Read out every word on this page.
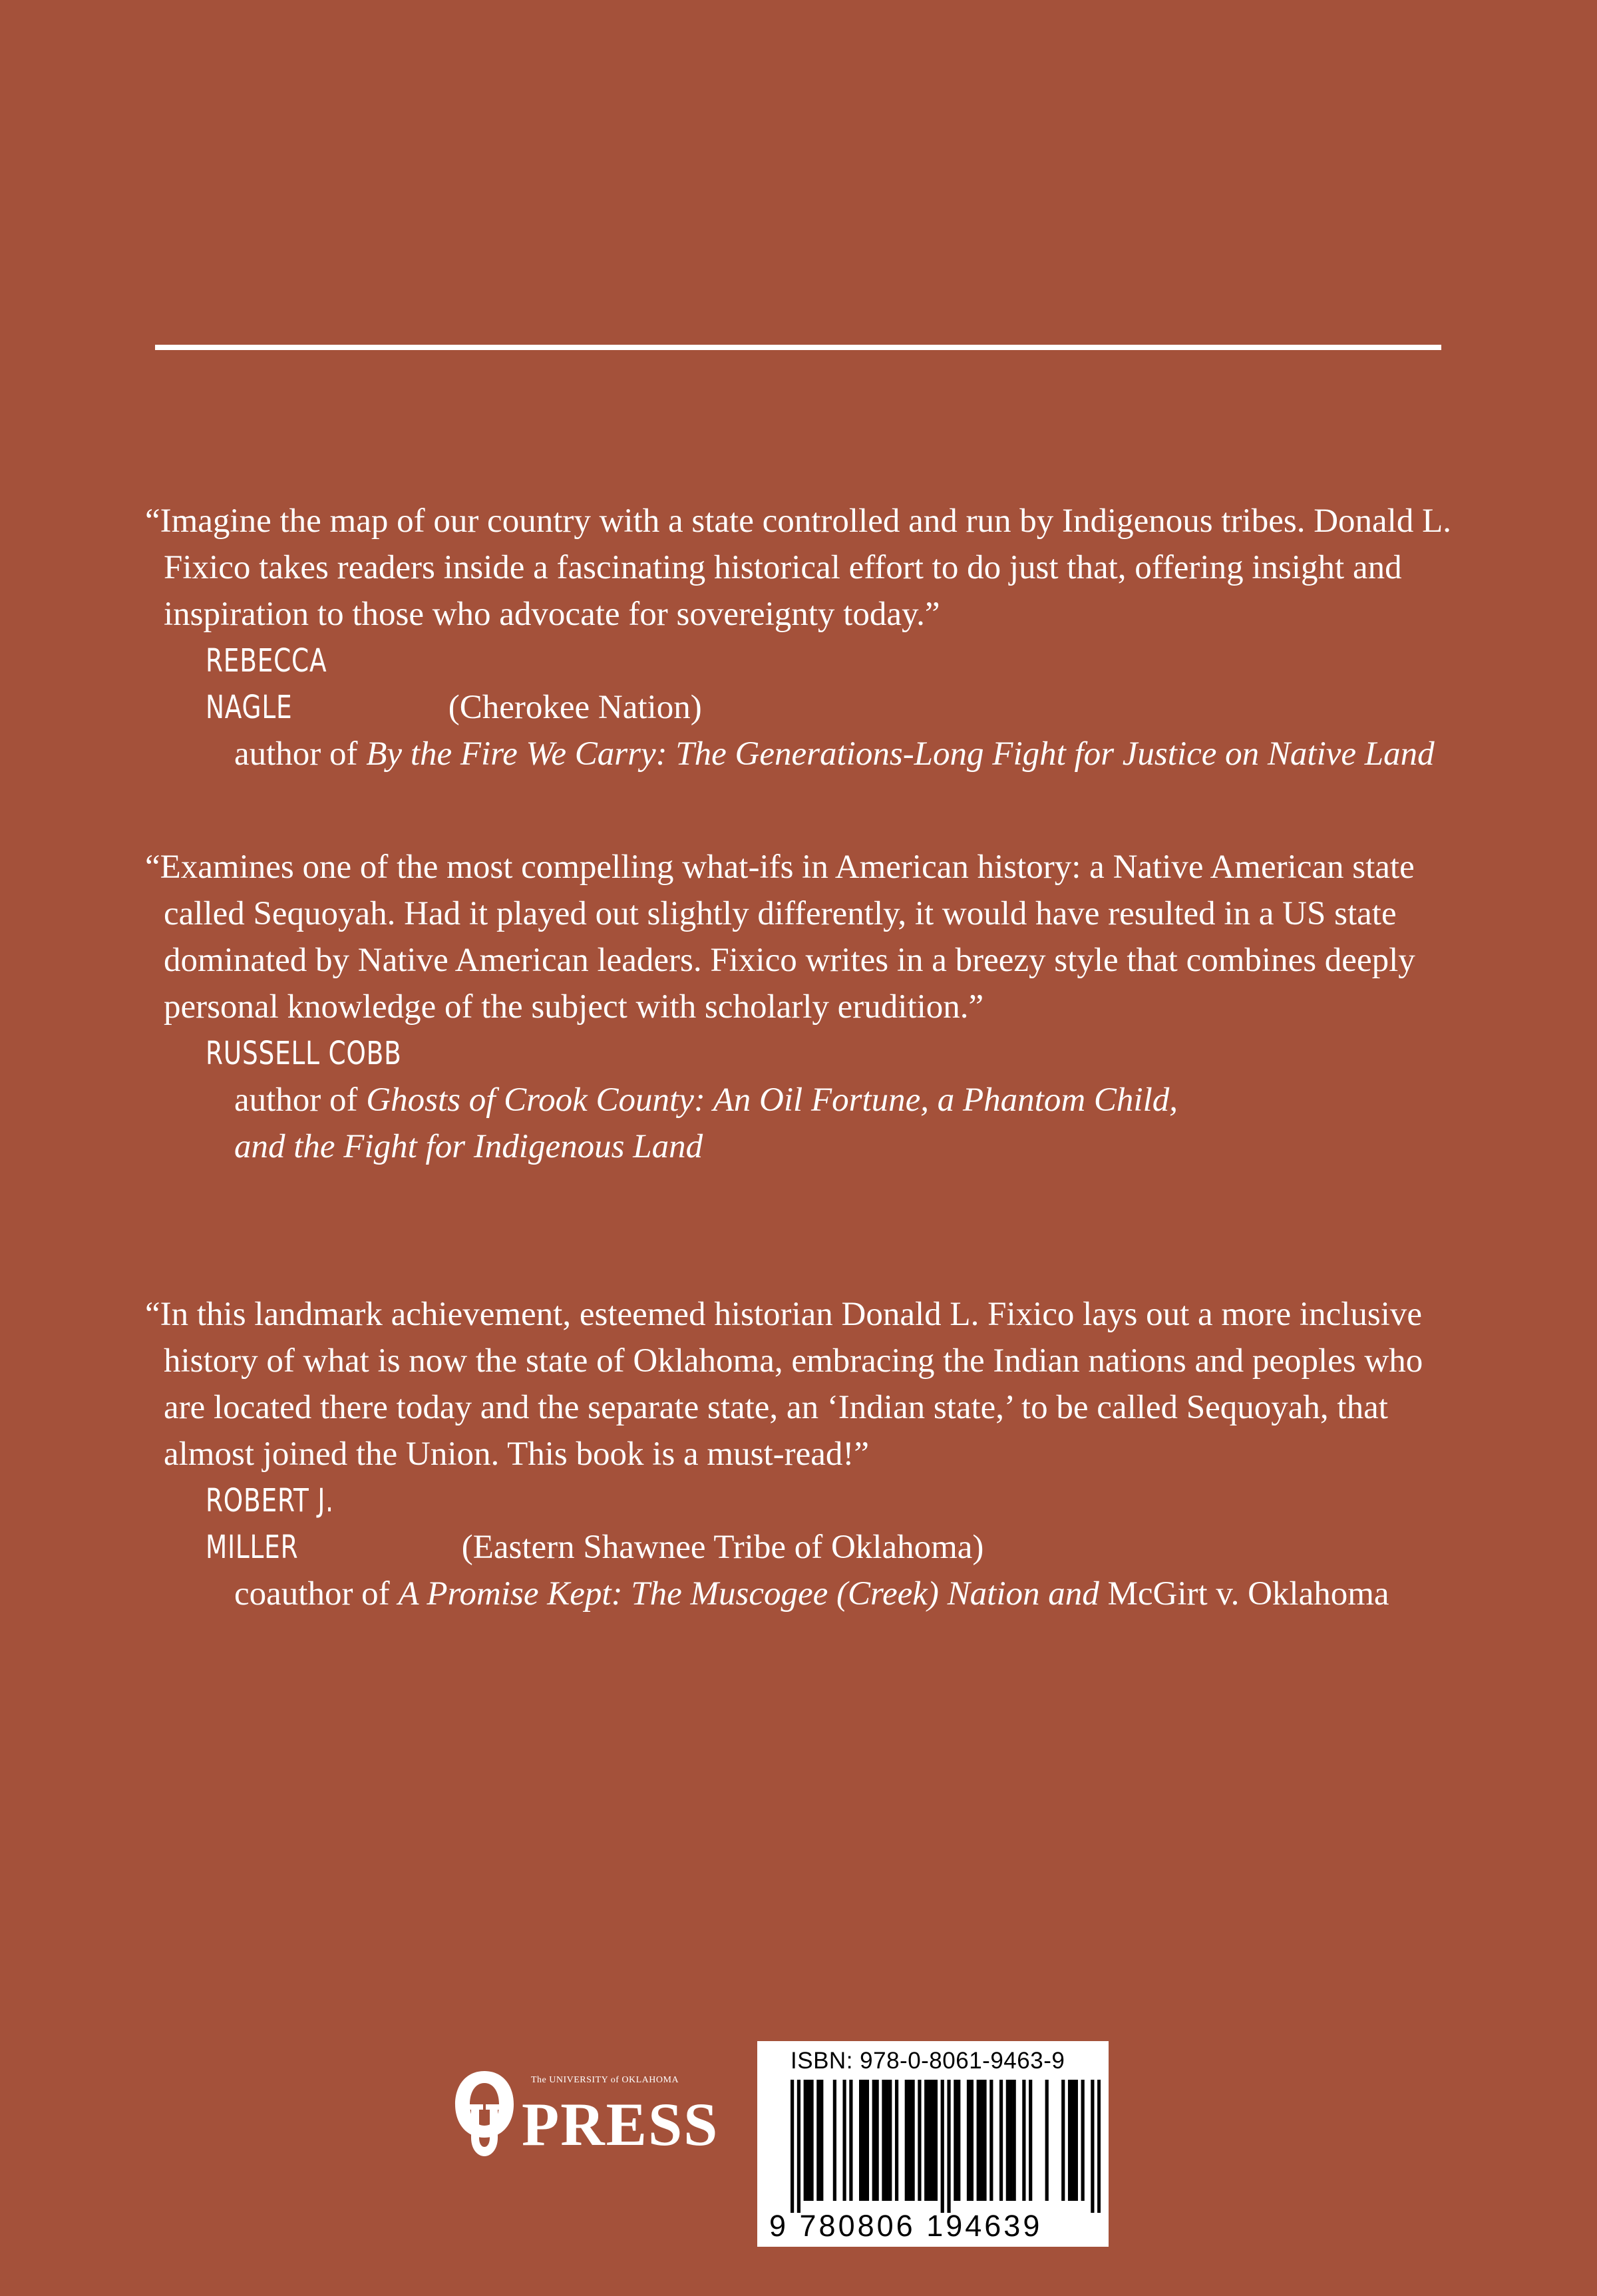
“Imagine the map of our country with a state controlled and run by Indigenous tribes. Donald L. Fixico takes readers inside a fascinating historical effort to do just that, offering insight and inspiration to those who advocate for sovereignty today.”

REBECCA NAGLE	(Cherokee Nation)

author of By the Fire We Carry: The Generations-Long Fight for Justice on Native Land

“Examines one of the most compelling what-ifs in American history: a Native American state called Sequoyah. Had it played out slightly differently, it would have resulted in a US state dominated by Native American leaders. Fixico writes in a breezy style that combines deeply personal knowledge of the subject with scholarly erudition.”

RUSSELL COBB

author of Ghosts of Crook County: An Oil Fortune, a Phantom Child,
and the Fight for Indigenous Land

“In this landmark achievement, esteemed historian Donald L. Fixico lays out a more inclusive history of what is now the state of Oklahoma, embracing the Indian nations and peoples who are located there today and the separate state, an ‘Indian state,’ to be called Sequoyah, that almost joined the Union. This book is a must-read!”

ROBERT J. MILLER	(Eastern Shawnee Tribe of Oklahoma)

coauthor of A Promise Kept: The Muscogee (Creek) Nation and McGirt v. Oklahoma

The UNIVERSITY of OKLAHOMA
PRESS
ISBN: 978-0-8061-9463-9
9 780806 194639
